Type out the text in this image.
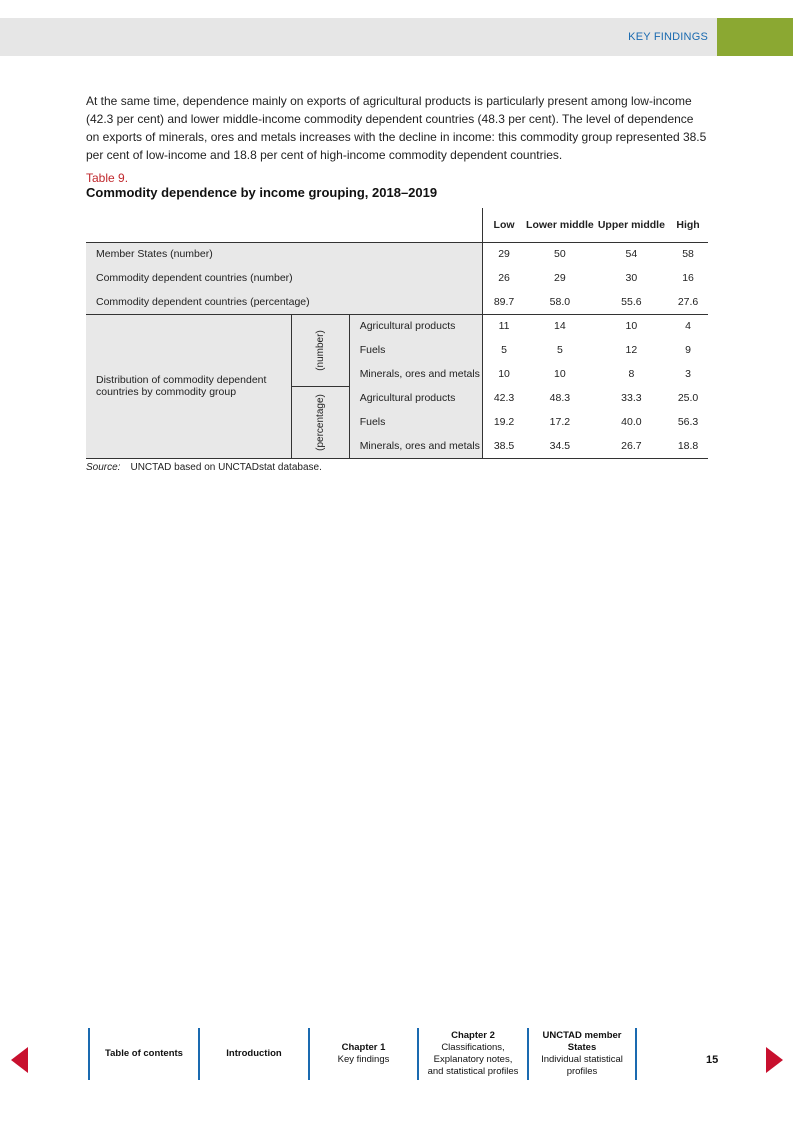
KEY FINDINGS

At the same time, dependence mainly on exports of agricultural products is particularly present among low-income (42.3 per cent) and lower middle-income commodity dependent countries (48.3 per cent). The level of dependence on exports of minerals, ores and metals increases with the decline in income: this commodity group represented 38.5 per cent of low-income and 18.8 per cent of high-income commodity dependent countries.

Table 9.
Commodity dependence by income grouping, 2018–2019
			Low	Lower middle	Upper middle	High
Member States (number)			29	50	54	58
Commodity dependent countries (number)			26	29	30	16
Commodity dependent countries (percentage)			89.7	58.0	55.6	27.6
Distribution of commodity dependent countries by commodity group	(number)	Agricultural products	11	14	10	4
		Fuels	5	5	12	9
		Minerals, ores and metals	10	10	8	3
	(percentage)	Agricultural products	42.3	48.3	33.3	25.0
		Fuels	19.2	17.2	40.0	56.3
		Minerals, ores and metals	38.5	34.5	26.7	18.8
Source: UNCTAD based on UNCTADstat database.
Table of contents	Introduction
Chapter 1
Key findings
Chapter 2
Classifications, Explanatory notes, and statistical profiles
UNCTAD member States
Individual statistical profiles
15
